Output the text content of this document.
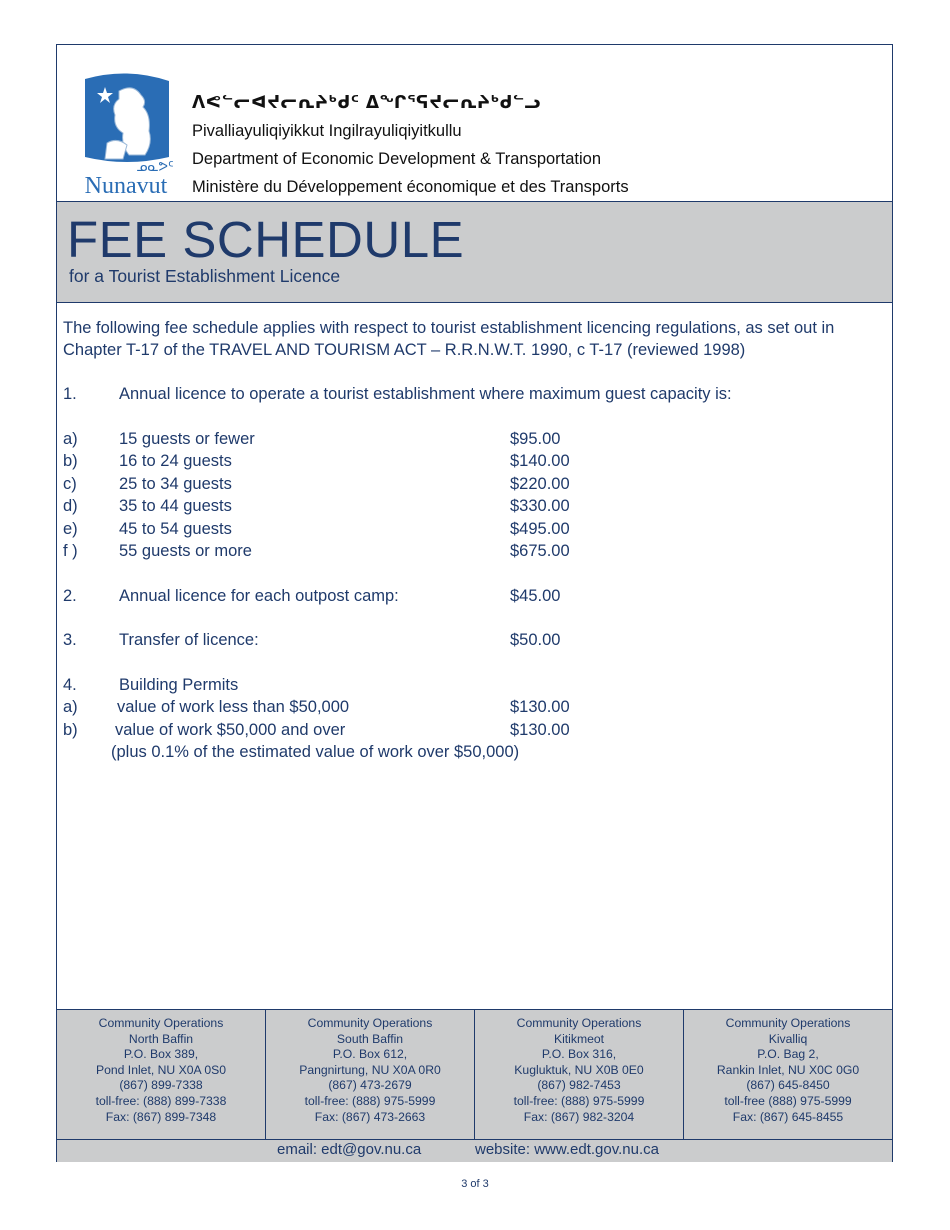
ᓄᓇᕗᑦ
Nunavut
ᐱᕙᓪᓕᐊᔪᓕᕆᔨᒃᑯᑦ ᐃᖏᕐᕋᔪᓕᕆᔨᒃᑯᓪᓗ
Pivalliayuliqiyikkut Ingilrayuliqiyitkullu
Department of Economic Development & Transportation
Ministère du Développement économique et des Transports
FEE SCHEDULE
for a Tourist Establishment Licence

The following fee schedule applies with respect to tourist establishment licencing regulations, as set out in Chapter T-17 of the TRAVEL AND TOURISM ACT – R.R.N.W.T. 1990, c T-17 (reviewed 1998)

1.	Annual licence to operate a tourist establishment where maximum guest capacity is:
a)	15 guests or fewer	$95.00
b)	16 to 24 guests	$140.00
c)	25 to 34 guests	$220.00
d)	35 to 44 guests	$330.00
e)	45 to 54 guests	$495.00
f )	55 guests or more	$675.00
2.	Annual licence for each outpost camp:	$45.00
3.	Transfer of licence:	$50.00
4.	Building Permits
a) value of work less than $50,000	$130.00
b) value of work $50,000 and over	$130.00
(plus 0.1% of the estimated value of work over $50,000)
Community Operations
North Baffin
P.O. Box 389,
Pond Inlet, NU X0A 0S0
(867) 899-7338
toll-free: (888) 899-7338
Fax: (867) 899-7348
Community Operations
South Baffin
P.O. Box 612,
Pangnirtung, NU X0A 0R0
(867) 473-2679
toll-free: (888) 975-5999
Fax: (867) 473-2663
Community Operations
Kitikmeot
P.O. Box 316,
Kugluktuk, NU X0B 0E0
(867) 982-7453
toll-free: (888) 975-5999
Fax: (867) 982-3204
Community Operations
Kivalliq
P.O. Bag 2,
Rankin Inlet, NU X0C 0G0
(867) 645-8450
toll-free (888) 975-5999
Fax: (867) 645-8455
email: edt@gov.nu.ca	website: www.edt.gov.nu.ca
3 of 3
